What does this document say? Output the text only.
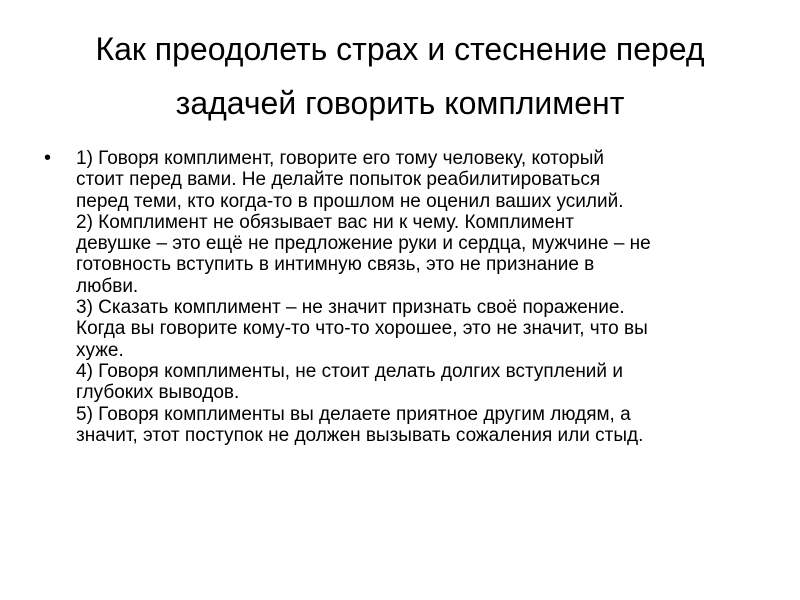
Как преодолеть страх и стеснение перед
задачей говорить комплимент
•	1) Говоря комплимент, говорите его тому человеку, который
стоит перед вами. Не делайте попыток реабилитироваться
перед теми, кто когда-то в прошлом не оценил ваших усилий.
2) Комплимент не обязывает вас ни к чему. Комплимент
девушке – это ещё не предложение руки и сердца, мужчине – не
готовность вступить в интимную связь, это не признание в
любви.
3) Сказать комплимент – не значит признать своё поражение.
Когда вы говорите кому-то что-то хорошее, это не значит, что вы
хуже.
4) Говоря комплименты, не стоит делать долгих вступлений и
глубоких выводов.
5) Говоря комплименты вы делаете приятное другим людям, а
значит, этот поступок не должен вызывать сожаления или стыд.
